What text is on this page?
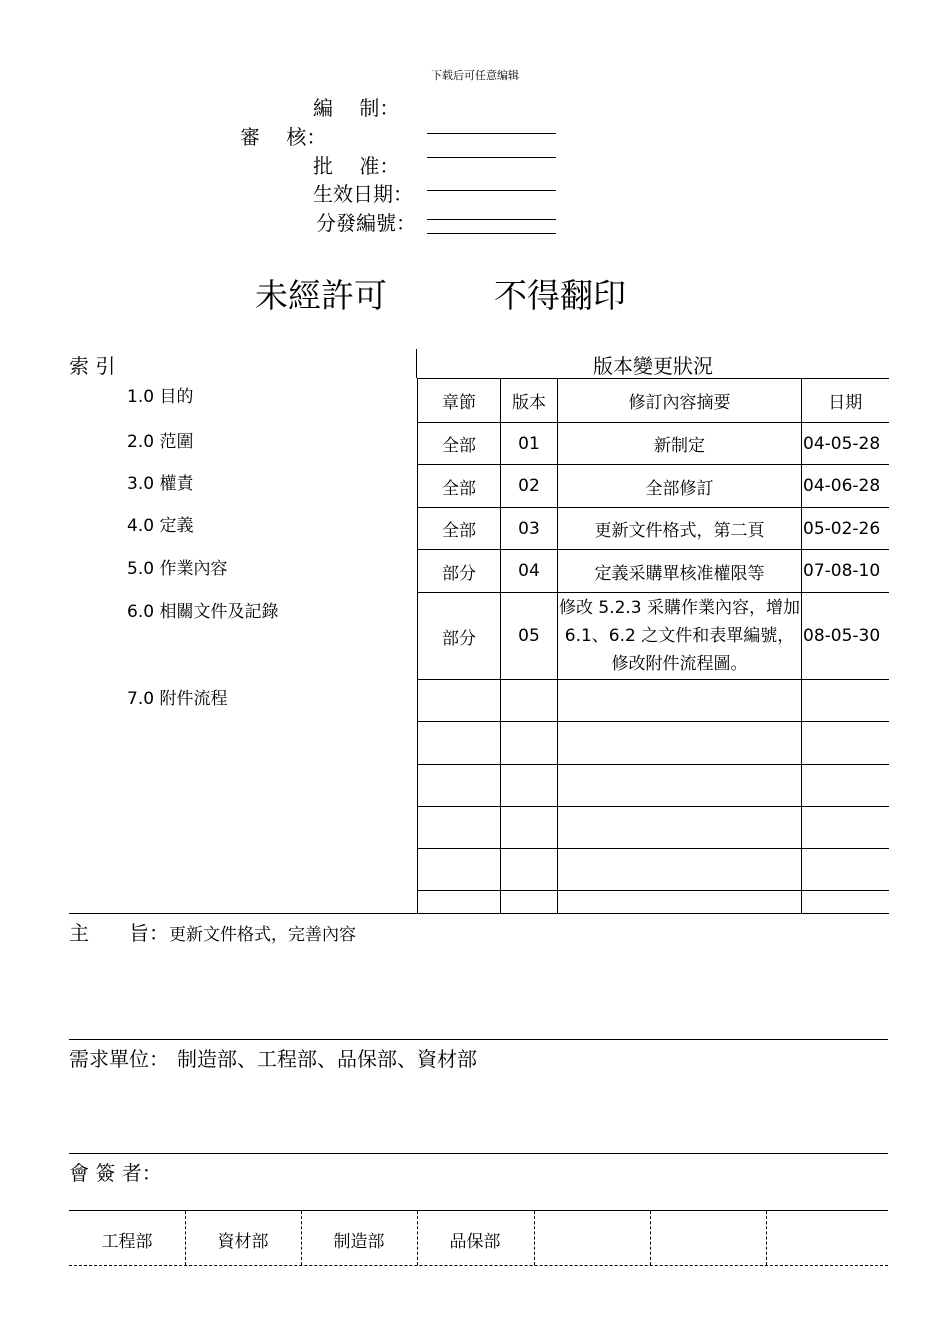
下载后可任意编辑
編　 制：
審　 核：
批　 准：
生效日期：
分發編號：
未經許可	不得翻印
索 引
1.0 目的
2.0 范圍
3.0 權責
4.0 定義
5.0 作業內容
6.0 相關文件及記錄
7.0 附件流程
版本變更狀況
章節	版本	修訂內容摘要	日期
全部	01	新制定	04-05-28
全部	02	全部修訂	04-06-28
全部	03	更新文件格式，第二頁	05-02-26
部分	04	定義采購單核准權限等	07-08-10
部分	05	修改 5.2.3 采購作業內容，增加 6.1、6.2 之文件和表單編號，修改附件流程圖。	08-05-30

主　　旨：更新文件格式，完善內容
需求單位： 制造部、工程部、品保部、資材部
會 簽 者：
工程部	資材部	制造部	品保部
